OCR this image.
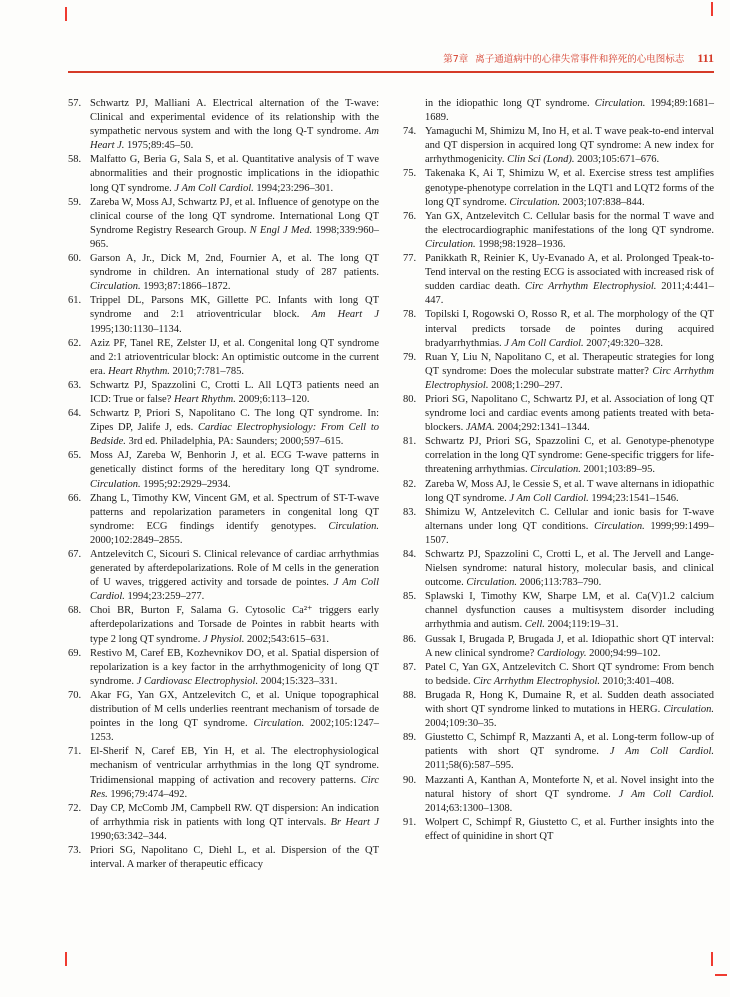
第7章 离子通道病中的心律失常事件和猝死的心电图标志 111
57. Schwartz PJ, Malliani A. Electrical alternation of the T-wave: Clinical and experimental evidence of its relationship with the sympathetic nervous system and with the long Q-T syndrome. Am Heart J. 1975;89:45–50.
58. Malfatto G, Beria G, Sala S, et al. Quantitative analysis of T wave abnormalities and their prognostic implications in the idiopathic long QT syndrome. J Am Coll Cardiol. 1994;23:296–301.
59. Zareba W, Moss AJ, Schwartz PJ, et al. Influence of genotype on the clinical course of the long QT syndrome. International Long QT Syndrome Registry Research Group. N Engl J Med. 1998;339:960–965.
60. Garson A, Jr., Dick M, 2nd, Fournier A, et al. The long QT syndrome in children. An international study of 287 patients. Circulation. 1993;87:1866–1872.
61. Trippel DL, Parsons MK, Gillette PC. Infants with long QT syndrome and 2:1 atrioventricular block. Am Heart J 1995;130:1130–1134.
62. Aziz PF, Tanel RE, Zelster IJ, et al. Congenital long QT syndrome and 2:1 atrioventricular block: An optimistic outcome in the current era. Heart Rhythm. 2010;7:781–785.
63. Schwartz PJ, Spazzolini C, Crotti L. All LQT3 patients need an ICD: True or false? Heart Rhythm. 2009;6:113–120.
64. Schwartz P, Priori S, Napolitano C. The long QT syndrome. In: Zipes DP, Jalife J, eds. Cardiac Electrophysiology: From Cell to Bedside. 3rd ed. Philadelphia, PA: Saunders; 2000;597–615.
65. Moss AJ, Zareba W, Benhorin J, et al. ECG T-wave patterns in genetically distinct forms of the hereditary long QT syndrome. Circulation. 1995;92:2929–2934.
66. Zhang L, Timothy KW, Vincent GM, et al. Spectrum of ST-T-wave patterns and repolarization parameters in congenital long QT syndrome: ECG findings identify genotypes. Circulation. 2000;102:2849–2855.
67. Antzelevitch C, Sicouri S. Clinical relevance of cardiac arrhythmias generated by afterdepolarizations. Role of M cells in the generation of U waves, triggered activity and torsade de pointes. J Am Coll Cardiol. 1994;23:259–277.
68. Choi BR, Burton F, Salama G. Cytosolic Ca²⁺ triggers early afterdepolarizations and Torsade de Pointes in rabbit hearts with type 2 long QT syndrome. J Physiol. 2002;543:615–631.
69. Restivo M, Caref EB, Kozhevnikov DO, et al. Spatial dispersion of repolarization is a key factor in the arrhythmogenicity of long QT syndrome. J Cardiovasc Electrophysiol. 2004;15:323–331.
70. Akar FG, Yan GX, Antzelevitch C, et al. Unique topographical distribution of M cells underlies reentrant mechanism of torsade de pointes in the long QT syndrome. Circulation. 2002;105:1247–1253.
71. El-Sherif N, Caref EB, Yin H, et al. The electrophysiological mechanism of ventricular arrhythmias in the long QT syndrome. Tridimensional mapping of activation and recovery patterns. Circ Res. 1996;79:474–492.
72. Day CP, McComb JM, Campbell RW. QT dispersion: An indication of arrhythmia risk in patients with long QT intervals. Br Heart J 1990;63:342–344.
73. Priori SG, Napolitano C, Diehl L, et al. Dispersion of the QT interval. A marker of therapeutic efficacy
in the idiopathic long QT syndrome. Circulation. 1994;89:1681–1689.
74. Yamaguchi M, Shimizu M, Ino H, et al. T wave peak-to-end interval and QT dispersion in acquired long QT syndrome: A new index for arrhythmogenicity. Clin Sci (Lond). 2003;105:671–676.
75. Takenaka K, Ai T, Shimizu W, et al. Exercise stress test amplifies genotype-phenotype correlation in the LQT1 and LQT2 forms of the long QT syndrome. Circulation. 2003;107:838–844.
76. Yan GX, Antzelevitch C. Cellular basis for the normal T wave and the electrocardiographic manifestations of the long QT syndrome. Circulation. 1998;98:1928–1936.
77. Panikkath R, Reinier K, Uy-Evanado A, et al. Prolonged Tpeak-to-Tend interval on the resting ECG is associated with increased risk of sudden cardiac death. Circ Arrhythm Electrophysiol. 2011;4:441–447.
78. Topilski I, Rogowski O, Rosso R, et al. The morphology of the QT interval predicts torsade de pointes during acquired bradyarrhythmias. J Am Coll Cardiol. 2007;49:320–328.
79. Ruan Y, Liu N, Napolitano C, et al. Therapeutic strategies for long QT syndrome: Does the molecular substrate matter? Circ Arrhythm Electrophysiol. 2008;1:290–297.
80. Priori SG, Napolitano C, Schwartz PJ, et al. Association of long QT syndrome loci and cardiac events among patients treated with beta-blockers. JAMA. 2004;292:1341–1344.
81. Schwartz PJ, Priori SG, Spazzolini C, et al. Genotype-phenotype correlation in the long QT syndrome: Gene-specific triggers for life-threatening arrhythmias. Circulation. 2001;103:89–95.
82. Zareba W, Moss AJ, le Cessie S, et al. T wave alternans in idiopathic long QT syndrome. J Am Coll Cardiol. 1994;23:1541–1546.
83. Shimizu W, Antzelevitch C. Cellular and ionic basis for T-wave alternans under long QT conditions. Circulation. 1999;99:1499–1507.
84. Schwartz PJ, Spazzolini C, Crotti L, et al. The Jervell and Lange-Nielsen syndrome: natural history, molecular basis, and clinical outcome. Circulation. 2006;113:783–790.
85. Splawski I, Timothy KW, Sharpe LM, et al. Ca(V)1.2 calcium channel dysfunction causes a multisystem disorder including arrhythmia and autism. Cell. 2004;119:19–31.
86. Gussak I, Brugada P, Brugada J, et al. Idiopathic short QT interval: A new clinical syndrome? Cardiology. 2000;94:99–102.
87. Patel C, Yan GX, Antzelevitch C. Short QT syndrome: From bench to bedside. Circ Arrhythm Electrophysiol. 2010;3:401–408.
88. Brugada R, Hong K, Dumaine R, et al. Sudden death associated with short QT syndrome linked to mutations in HERG. Circulation. 2004;109:30–35.
89. Giustetto C, Schimpf R, Mazzanti A, et al. Long-term follow-up of patients with short QT syndrome. J Am Coll Cardiol. 2011;58(6):587–595.
90. Mazzanti A, Kanthan A, Monteforte N, et al. Novel insight into the natural history of short QT syndrome. J Am Coll Cardiol. 2014;63:1300–1308.
91. Wolpert C, Schimpf R, Giustetto C, et al. Further insights into the effect of quinidine in short QT
